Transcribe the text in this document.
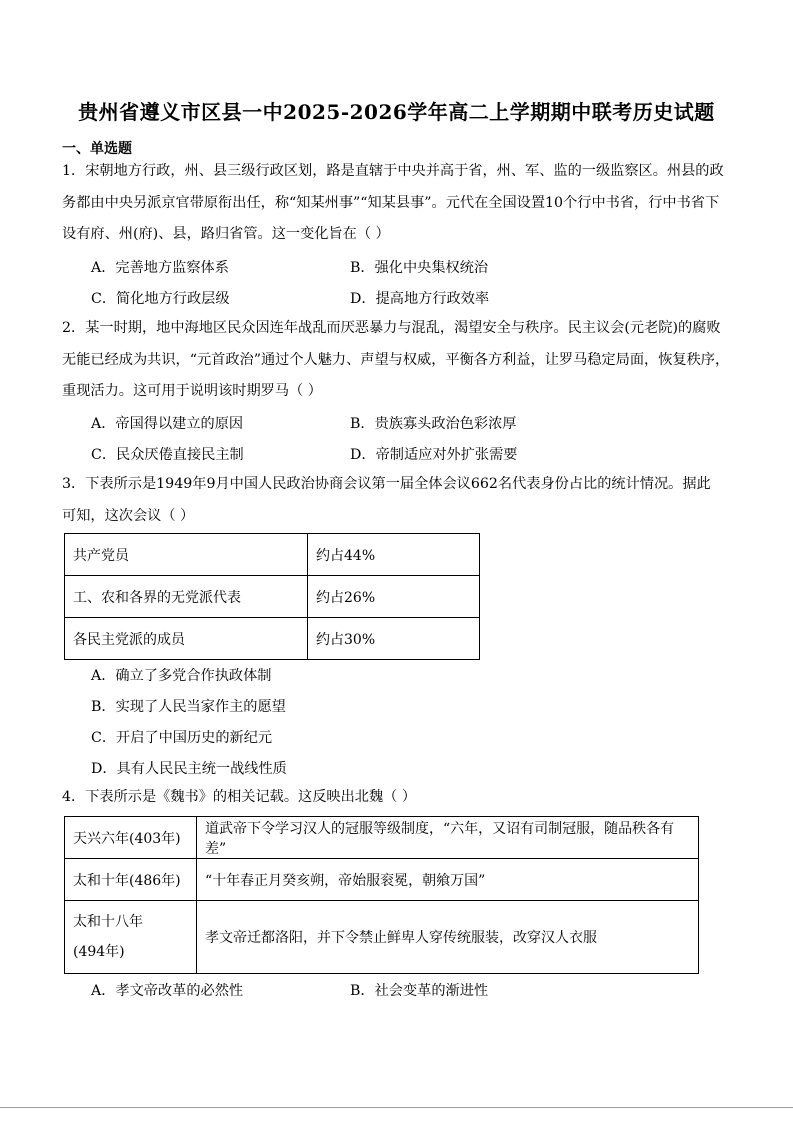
贵州省遵义市区县一中2025-2026学年高二上学期期中联考历史试题
一、单选题
1．宋朝地方行政，州、县三级行政区划，路是直辖于中央并高于省，州、军、监的一级监察区。州县的政
务都由中央另派京官带原衔出任，称“知某州事”“知某县事”。元代在全国设置10个行中书省，行中书省下
设有府、州(府)、县，路归省管。这一变化旨在（ ）
A．完善地方监察体系	B．强化中央集权统治
C．简化地方行政层级	D．提高地方行政效率
2．某一时期，地中海地区民众因连年战乱而厌恶暴力与混乱，渴望安全与秩序。民主议会(元老院)的腐败
无能已经成为共识，“元首政治”通过个人魅力、声望与权威，平衡各方利益，让罗马稳定局面，恢复秩序，
重现活力。这可用于说明该时期罗马（ ）
A．帝国得以建立的原因	B．贵族寡头政治色彩浓厚
C．民众厌倦直接民主制	D．帝制适应对外扩张需要
3．下表所示是1949年9月中国人民政治协商会议第一届全体会议662名代表身份占比的统计情况。据此
可知，这次会议（ ）
共产党员	约占44%
工、农和各界的无党派代表	约占26%
各民主党派的成员	约占30%
A．确立了多党合作执政体制
B．实现了人民当家作主的愿望
C．开启了中国历史的新纪元
D．具有人民民主统一战线性质
4．下表所示是《魏书》的相关记载。这反映出北魏（ ）
天兴六年(403年)	道武帝下令学习汉人的冠服等级制度，“六年，又诏有司制冠服，随品秩各有差”
太和十年(486年)	“十年春正月癸亥朔，帝始服衮冕，朝飨万国”

太和十八年
(494年)	孝文帝迁都洛阳，并下令禁止鲜卑人穿传统服装，改穿汉人衣服
A．孝文帝改革的必然性	B．社会变革的渐进性
